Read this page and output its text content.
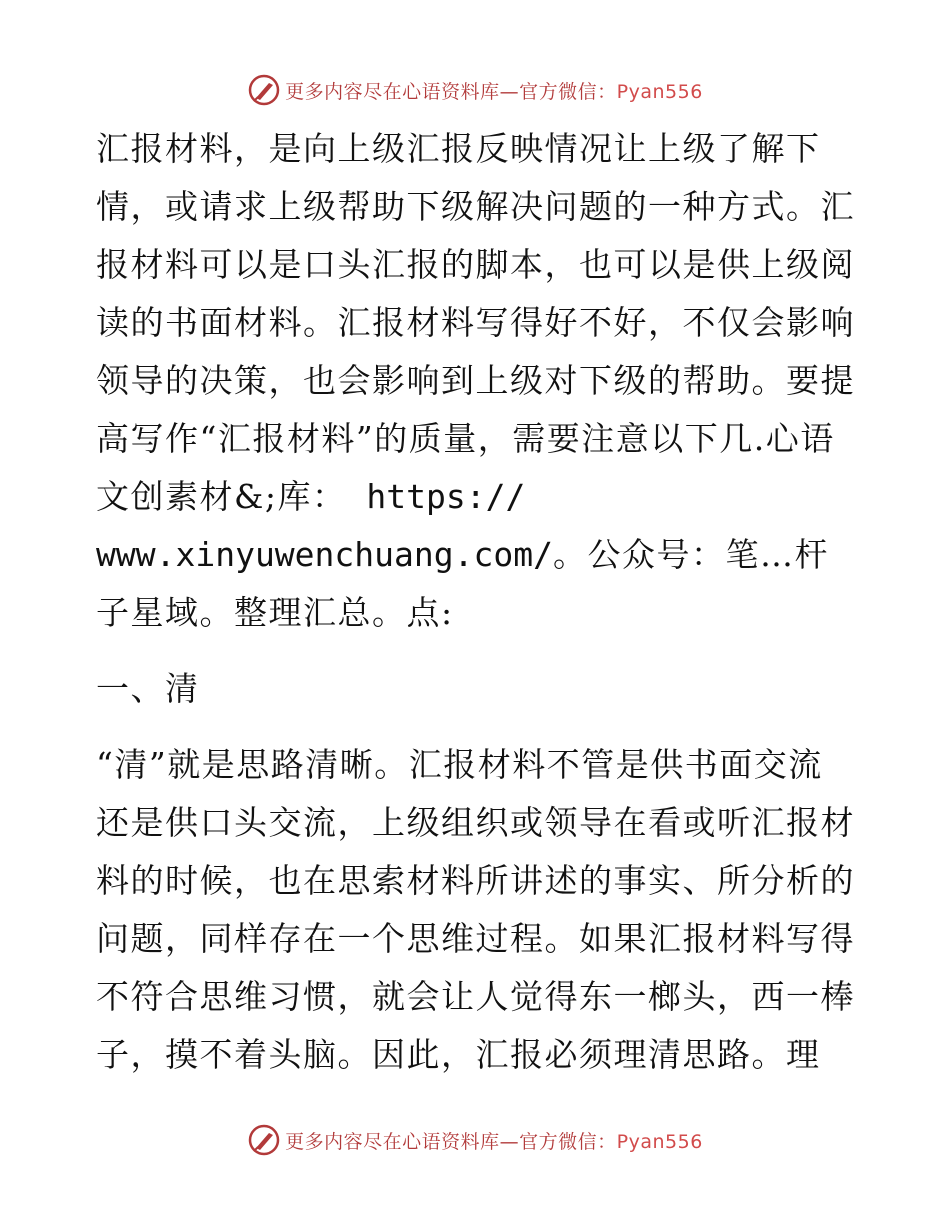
更多内容尽在心语资料库—官方微信：Pyan556

汇报材料，是向上级汇报反映情况让上级了解下情，或请求上级帮助下级解决问题的一种方式。汇报材料可以是口头汇报的脚本，也可以是供上级阅读的书面材料。汇报材料写得好不好，不仅会影响领导的决策，也会影响到上级对下级的帮助。要提高写作“汇报材料”的质量，需要注意以下几.心语文创素材&;库： https://
www.xinyuwenchuang.com/。公众号：笔…杆子星域。整理汇总。点:

一、清

“清”就是思路清晰。汇报材料不管是供书面交流还是供口头交流，上级组织或领导在看或听汇报材料的时候，也在思索材料所讲述的事实、所分析的问题，同样存在一个思维过程。如果汇报材料写得不符合思维习惯，就会让人觉得东一榔头，西一棒子，摸不着头脑。因此，汇报必须理清思路。理

更多内容尽在心语资料库—官方微信：Pyan556
